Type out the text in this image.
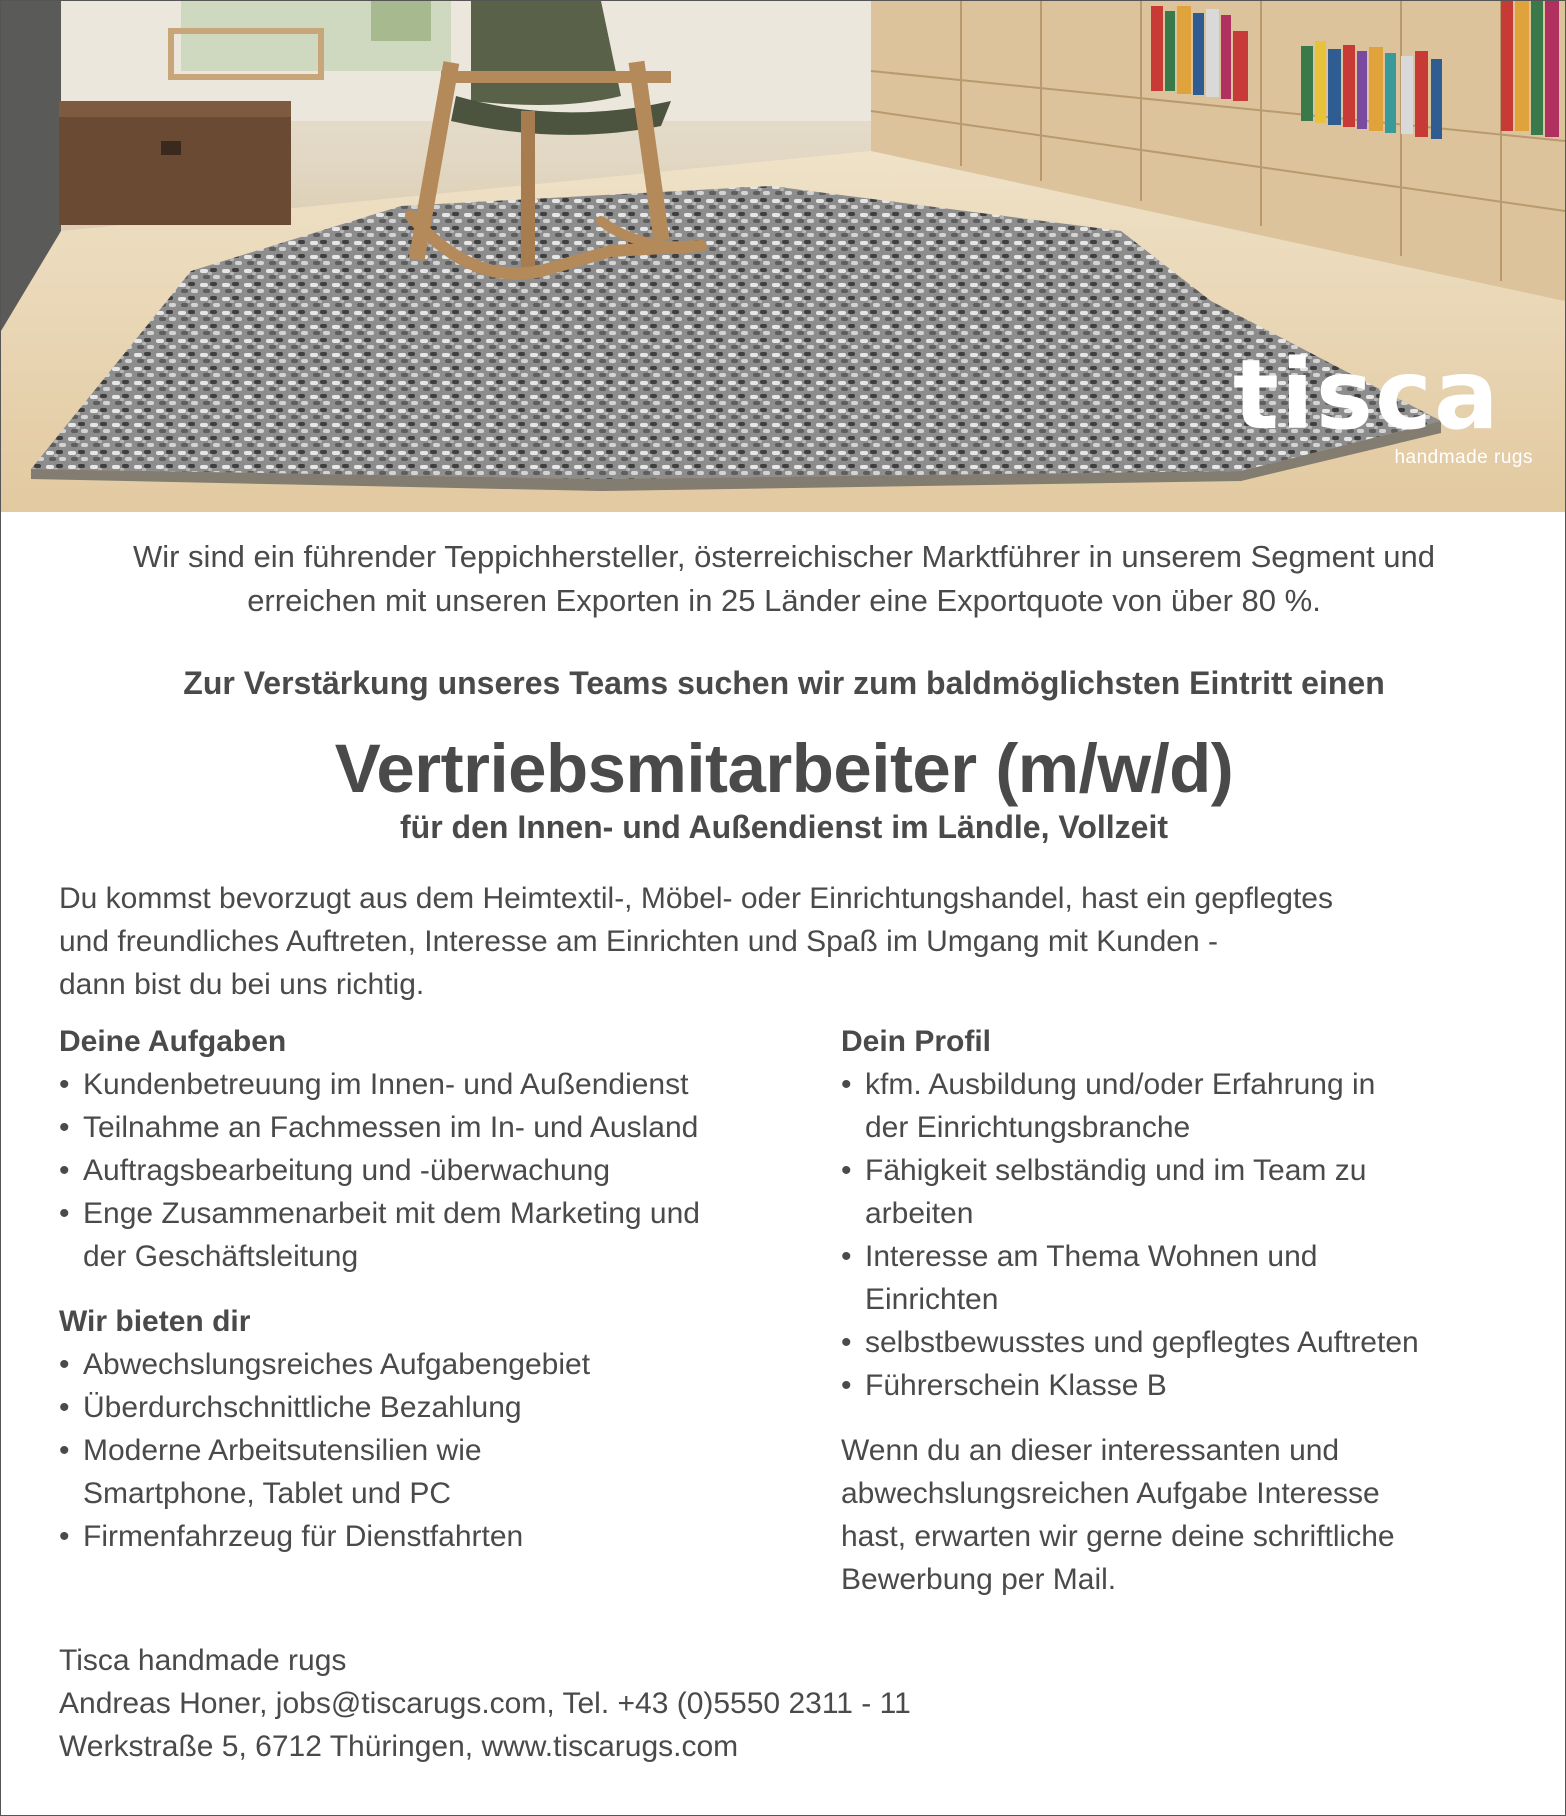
tisca
handmade rugs
Wir sind ein führender Teppichhersteller, österreichischer Marktführer in unserem Segment und
erreichen mit unseren Exporten in 25 Länder eine Exportquote von über 80 %.
Zur Verstärkung unseres Teams suchen wir zum baldmöglichsten Eintritt einen
Vertriebsmitarbeiter (m/w/d)
für den Innen- und Außendienst im Ländle, Vollzeit
Du kommst bevorzugt aus dem Heimtextil-, Möbel- oder Einrichtungshandel, hast ein gepflegtes
und freundliches Auftreten, Interesse am Einrichten und Spaß im Umgang mit Kunden -
dann bist du bei uns richtig.
Deine Aufgaben
• Kundenbetreuung im Innen- und Außendienst
• Teilnahme an Fachmessen im In- und Ausland
• Auftragsbearbeitung und -überwachung
• Enge Zusammenarbeit mit dem Marketing und
der Geschäftsleitung
Wir bieten dir
• Abwechslungsreiches Aufgabengebiet
• Überdurchschnittliche Bezahlung
• Moderne Arbeitsutensilien wie
Smartphone, Tablet und PC
• Firmenfahrzeug für Dienstfahrten
Dein Profil
• kfm. Ausbildung und/oder Erfahrung in
der Einrichtungsbranche
• Fähigkeit selbständig und im Team zu
arbeiten
• Interesse am Thema Wohnen und
Einrichten
• selbstbewusstes und gepflegtes Auftreten
• Führerschein Klasse B
Wenn du an dieser interessanten und
abwechslungsreichen Aufgabe Interesse
hast, erwarten wir gerne deine schriftliche
Bewerbung per Mail.
Tisca handmade rugs
Andreas Honer, jobs@tiscarugs.com, Tel. +43 (0)5550 2311 - 11
Werkstraße 5, 6712 Thüringen, www.tiscarugs.com
